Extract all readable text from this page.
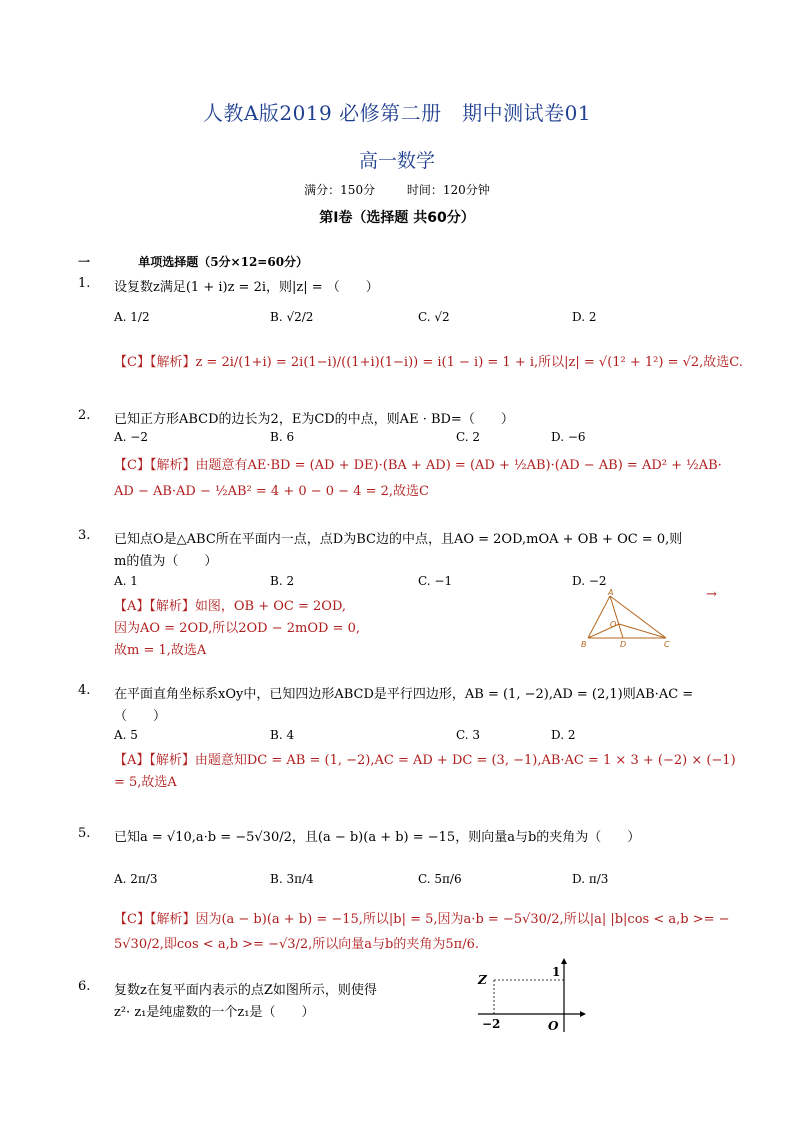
人教A版2019 必修第二册　期中测试卷01
高一数学
满分：150分	时间：120分钟
第Ⅰ卷（选择题 共60分）
一	单项选择题（5分×12=60分）
1. 设复数z满足(1 + i)z = 2i，则|z| = （　　）
A. 1/2	B. √2/2	C. √2	D. 2
【C】【解析】z = 2i/(1+i) = 2i(1−i)/((1+i)(1−i)) = i(1 − i) = 1 + i,所以|z| = √(1² + 1²) = √2,故选C.
2. 已知正方形ABCD的边长为2，E为CD的中点，则AE · BD=（　　）
A. −2	B. 6	C. 2	D. −6
【C】【解析】由题意有AE·BD = (AD + DE)·(BA + AD) = (AD + ½AB)·(AD − AB) = AD² + ½AB·
AD − AB·AD − ½AB² = 4 + 0 − 0 − 4 = 2,故选C
3. 已知点O是△ABC所在平面内一点，点D为BC边的中点，且AO = 2OD,mOA + OB + OC = 0,则
m的值为（　　）
A. 1	B. 2	C. −1	D. −2
【A】【解析】如图，OB + OC = 2OD,
因为AO = 2OD,所以2OD − 2mOD = 0,
故m = 1,故选A
A
B	C
D
O
→
4. 在平面直角坐标系xOy中，已知四边形ABCD是平行四边形，AB = (1, −2),AD = (2,1)则AB·AC =
（　　）
A. 5	B. 4	C. 3	D. 2
【A】【解析】由题意知DC = AB = (1, −2),AC = AD + DC = (3, −1),AB·AC = 1 × 3 + (−2) × (−1)
= 5,故选A
5. 已知a = √10,a·b = −5√30/2，且(a − b)(a + b) = −15，则向量a与b的夹角为（　　）
A. 2π/3	B. 3π/4	C. 5π/6	D. π/3
【C】【解析】因为(a − b)(a + b) = −15,所以|b| = 5,因为a·b = −5√30/2,所以|a| |b|cos < a,b >= −
5√30/2,即cos < a,b >= −√3/2,所以向量a与b的夹角为5π/6.
6. 复数z在复平面内表示的点Z如图所示，则使得
z²· z₁是纯虚数的一个z₁是（　　）
Z
1
−2	O
